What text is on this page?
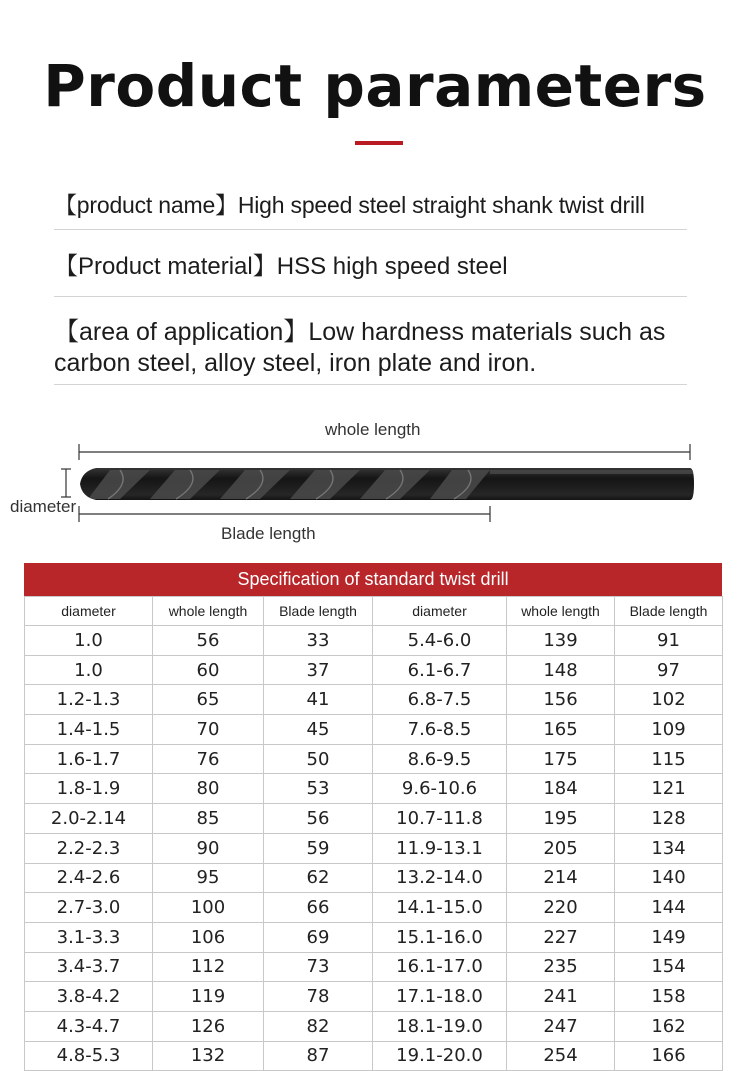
Product parameters
【product name】High speed steel straight shank twist drill
【Product material】HSS high speed steel
【area of application】Low hardness materials such as carbon steel, alloy steel, iron plate and iron.
whole length
diameter
Blade length
Specification of standard twist drill
diameter	whole length	Blade length	diameter	whole length	Blade length
1.0	56	33	5.4-6.0	139	91
1.0	60	37	6.1-6.7	148	97
1.2-1.3	65	41	6.8-7.5	156	102
1.4-1.5	70	45	7.6-8.5	165	109
1.6-1.7	76	50	8.6-9.5	175	115
1.8-1.9	80	53	9.6-10.6	184	121
2.0-2.14	85	56	10.7-11.8	195	128
2.2-2.3	90	59	11.9-13.1	205	134
2.4-2.6	95	62	13.2-14.0	214	140
2.7-3.0	100	66	14.1-15.0	220	144
3.1-3.3	106	69	15.1-16.0	227	149
3.4-3.7	112	73	16.1-17.0	235	154
3.8-4.2	119	78	17.1-18.0	241	158
4.3-4.7	126	82	18.1-19.0	247	162
4.8-5.3	132	87	19.1-20.0	254	166
